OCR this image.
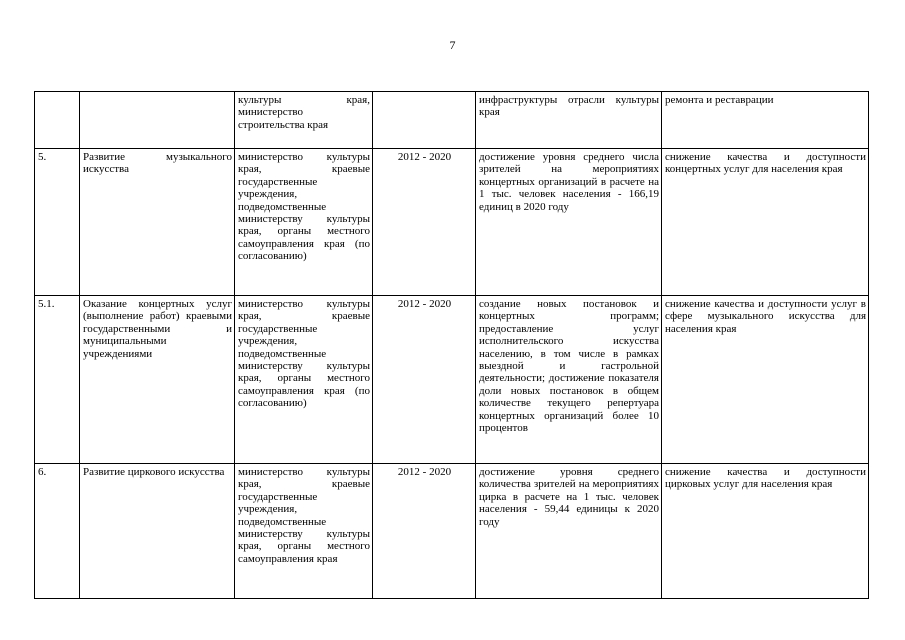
7
		культуры края, министерство строительства края		инфраструктуры отрасли культуры края	ремонта и реставрации
5.	Развитие музыкального искусства	министерство культуры края, краевые государственные учреждения, подведомственные министерству культуры края, органы местного самоуправления края (по согласованию)	2012 - 2020	достижение уровня среднего числа зрителей на мероприятиях концертных организаций в расчете на 1 тыс. человек населения - 166,19 единиц в 2020 году	снижение качества и доступности концертных услуг для населения края
5.1.	Оказание концертных услуг (выполнение работ) краевыми государственными и муниципальными учреждениями	министерство культуры края, краевые государственные учреждения, подведомственные министерству культуры края, органы местного самоуправления края (по согласованию)	2012 - 2020	создание новых постановок и концертных программ; предоставление услуг исполнительского искусства населению, в том числе в рамках выездной и гастрольной деятельности; достижение показателя доли новых постановок в общем количестве текущего репертуара концертных организаций более 10 процентов	снижение качества и доступности услуг в сфере музыкального искусства для населения края
6.	Развитие циркового искусства	министерство культуры края, краевые государственные учреждения, подведомственные министерству культуры края, органы местного самоуправления края	2012 - 2020	достижение уровня среднего количества зрителей на мероприятиях цирка в расчете на 1 тыс. человек населения - 59,44 единицы к 2020 году	снижение качества и доступности цирковых услуг для населения края
